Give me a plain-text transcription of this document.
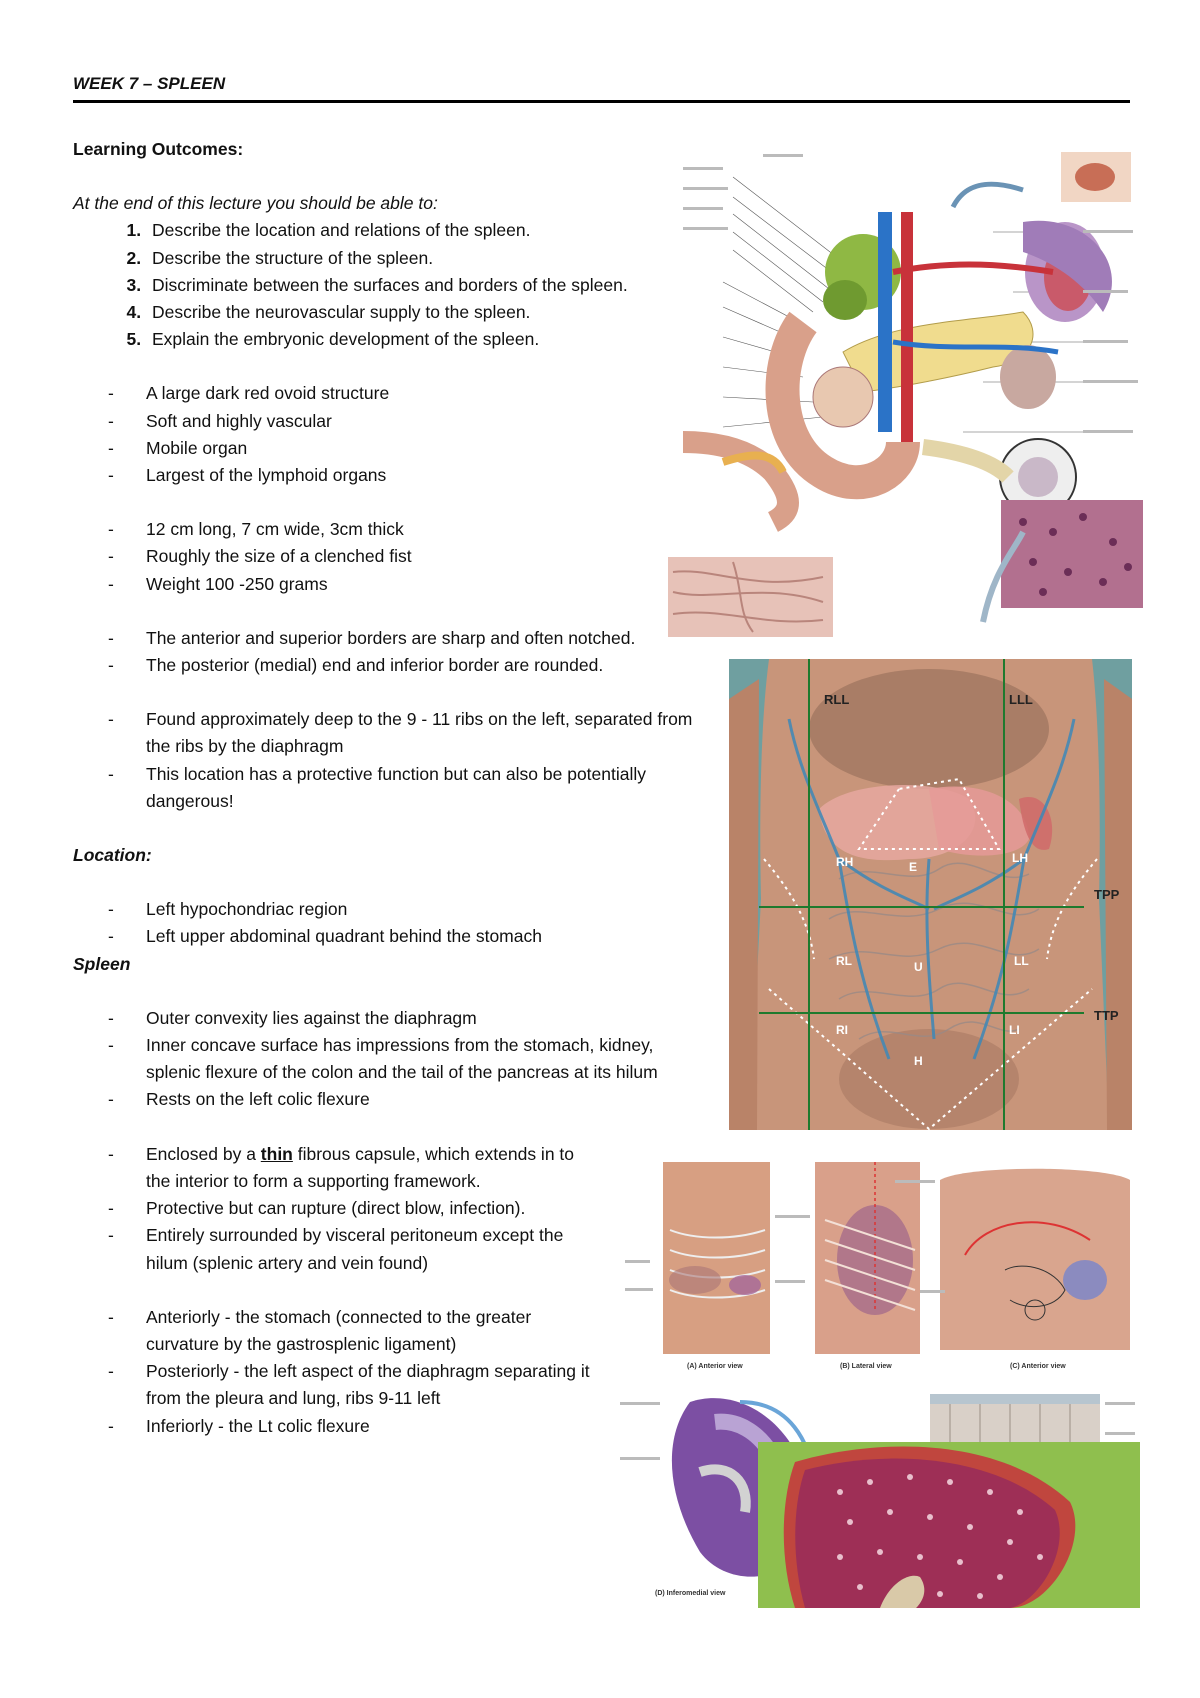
WEEK 7 – SPLEEN
Learning Outcomes:
At the end of this lecture you should be able to:
1. Describe the location and relations of the spleen.
2. Describe the structure of the spleen.
3. Discriminate between the surfaces and borders of the spleen.
4. Describe the neurovascular supply to the spleen.
5. Explain the embryonic development of the spleen.
- A large dark red ovoid structure
- Soft and highly vascular
- Mobile organ
- Largest of the lymphoid organs
- 12 cm long, 7 cm wide, 3cm thick
- Roughly the size of a clenched fist
- Weight 100 -250 grams
- The anterior and superior borders are sharp and often notched.
- The posterior (medial) end and inferior border are rounded.
- Found approximately deep to the 9 - 11 ribs on the left, separated from the ribs by the diaphragm
- This location has a protective function but can also be potentially dangerous!
Location:
- Left hypochondriac region
- Left upper abdominal quadrant behind the stomach
Spleen
- Outer convexity lies against the diaphragm
- Inner concave surface has impressions from the stomach, kidney, splenic flexure of the colon and the tail of the pancreas at its hilum
- Rests on the left colic flexure
- Enclosed by a thin fibrous capsule, which extends in to the interior to form a supporting framework.
- Protective but can rupture (direct blow, infection).
- Entirely surrounded by visceral peritoneum except the hilum (splenic artery and vein found)
- Anteriorly - the stomach (connected to the greater curvature by the gastrosplenic ligament)
- Posteriorly - the left aspect of the diaphragm separating it from the pleura and lung, ribs 9-11 left
- Inferiorly - the Lt colic flexure
RLL	LLL
RH	E
LH
TPP
RL	U	LL
TTP
RI	LI
H
(A) Anterior view	(B) Lateral view	(C) Anterior view
(D) Inferomedial view
